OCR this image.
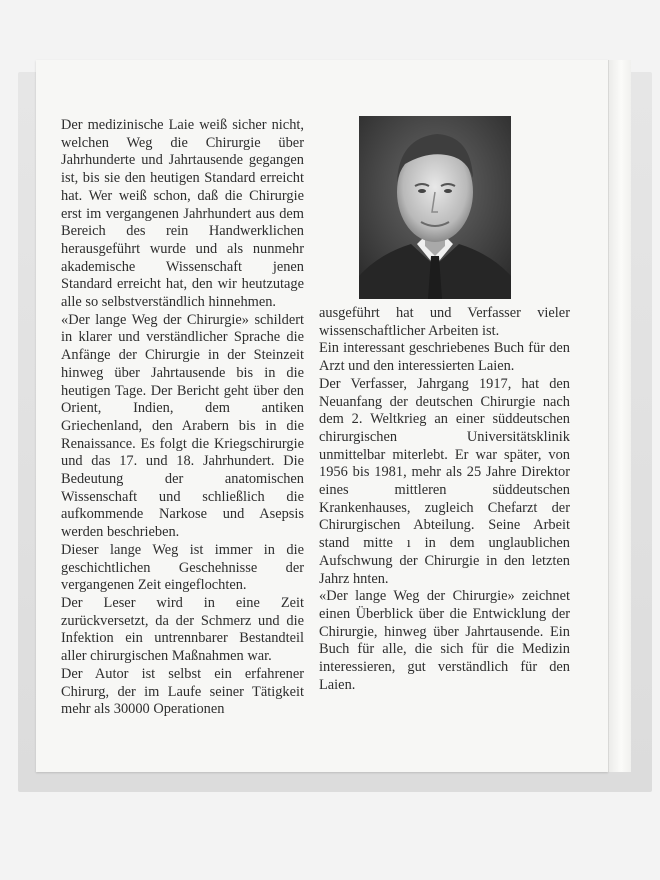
Der medizinische Laie weiß sicher nicht, welchen Weg die Chirurgie über Jahrhunderte und Jahrtausende gegangen ist, bis sie den heutigen Standard erreicht hat. Wer weiß schon, daß die Chirurgie erst im vergangenen Jahrhundert aus dem Bereich des rein Handwerklichen herausgeführt wurde und als nunmehr akademische Wissenschaft jenen Standard erreicht hat, den wir heutzutage alle so selbstverständlich hinnehmen.

«Der lange Weg der Chirurgie» schildert in klarer und verständlicher Sprache die Anfänge der Chirurgie in der Steinzeit hinweg über Jahrtausende bis in die heutigen Tage. Der Bericht geht über den Orient, Indien, dem antiken Griechenland, den Arabern bis in die Renaissance. Es folgt die Kriegschirurgie und das 17. und 18. Jahrhundert. Die Bedeutung der anatomischen Wissenschaft und schließlich die aufkommende Narkose und Asepsis werden beschrieben.

Dieser lange Weg ist immer in die geschichtlichen Geschehnisse der vergangenen Zeit eingeflochten.

Der Leser wird in eine Zeit zurückversetzt, da der Schmerz und die Infektion ein untrennbarer Bestandteil aller chirurgischen Maßnahmen war.

Der Autor ist selbst ein erfahrener Chirurg, der im Laufe seiner Tätigkeit mehr als 30000 Operationen

ausgeführt hat und Verfasser vieler wissenschaftlicher Arbeiten ist.

Ein interessant geschriebenes Buch für den Arzt und den interessierten Laien.

Der Verfasser, Jahrgang 1917, hat den Neuanfang der deutschen Chirurgie nach dem 2. Weltkrieg an einer süddeutschen chirurgischen Universitätsklinik unmittelbar miterlebt. Er war später, von 1956 bis 1981, mehr als 25 Jahre Direktor eines mittleren süddeutschen Krankenhauses, zugleich Chefarzt der Chirurgischen Abteilung. Seine Arbeit stand mitte ı in dem unglaublichen Aufschwung der Chirurgie in den letzten Jahrz hnten.

«Der lange Weg der Chirurgie» zeichnet einen Überblick über die Entwicklung der Chirurgie, hinweg über Jahrtausende. Ein Buch für alle, die sich für die Medizin interessieren, gut verständlich für den Laien.
